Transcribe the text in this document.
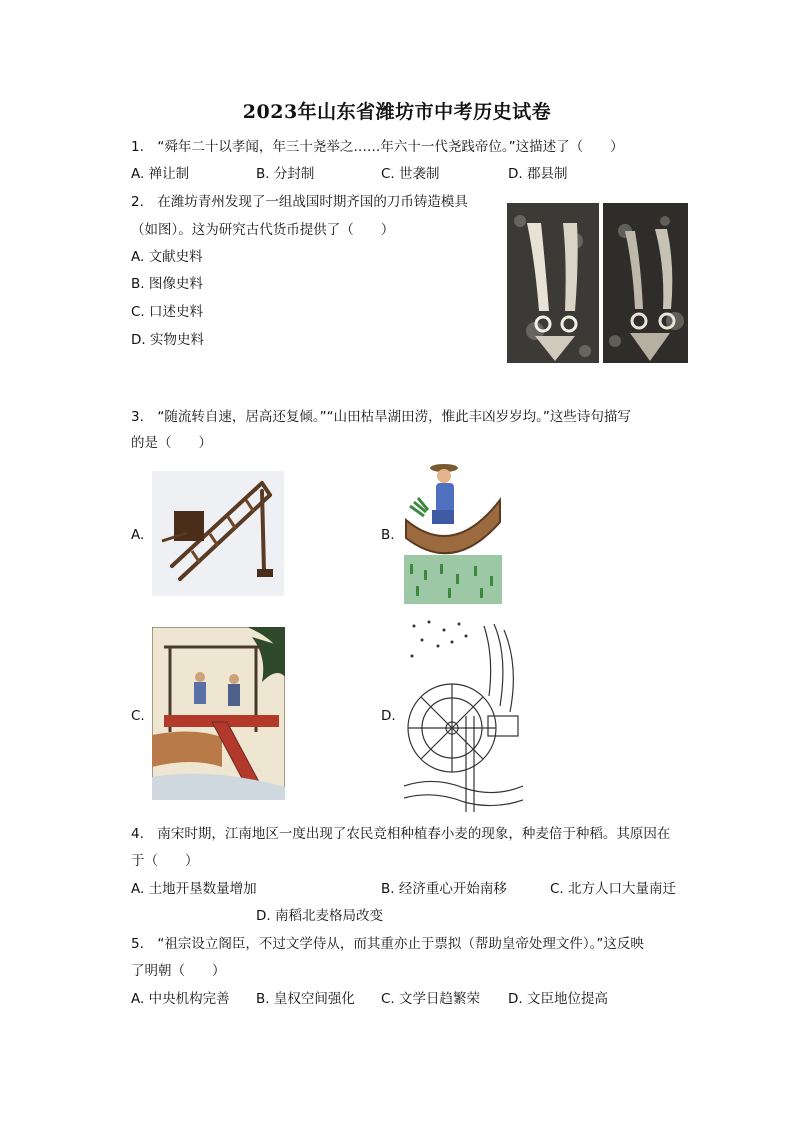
2023年山东省潍坊市中考历史试卷
1.　“舜年二十以孝闻，年三十尧举之……年六十一代尧践帝位。”这描述了（　　）
A. 禅让制	B. 分封制	C. 世袭制	D. 郡县制
2.　在潍坊青州发现了一组战国时期齐国的刀币铸造模具
（如图）。这为研究古代货币提供了（　　）
A. 文献史料
B. 图像史料
C. 口述史料
D. 实物史料
3.　“随流转自速，居高还复倾。”“山田枯旱湖田涝，惟此丰凶岁岁均。”这些诗句描写
的是（　　）
A.	B.
C.	D.
4.　南宋时期，江南地区一度出现了农民竞相种植春小麦的现象，种麦倍于种稻。其原因在
于（　　）
A. 土地开垦数量增加	B. 经济重心开始南移	C. 北方人口大量南迁
D. 南稻北麦格局改变
5.　“祖宗设立阁臣，不过文学侍从，而其重亦止于票拟（帮助皇帝处理文件）。”这反映
了明朝（　　）
A. 中央机构完善 B. 皇权空间强化 C. 文学日趋繁荣 D. 文臣地位提高
